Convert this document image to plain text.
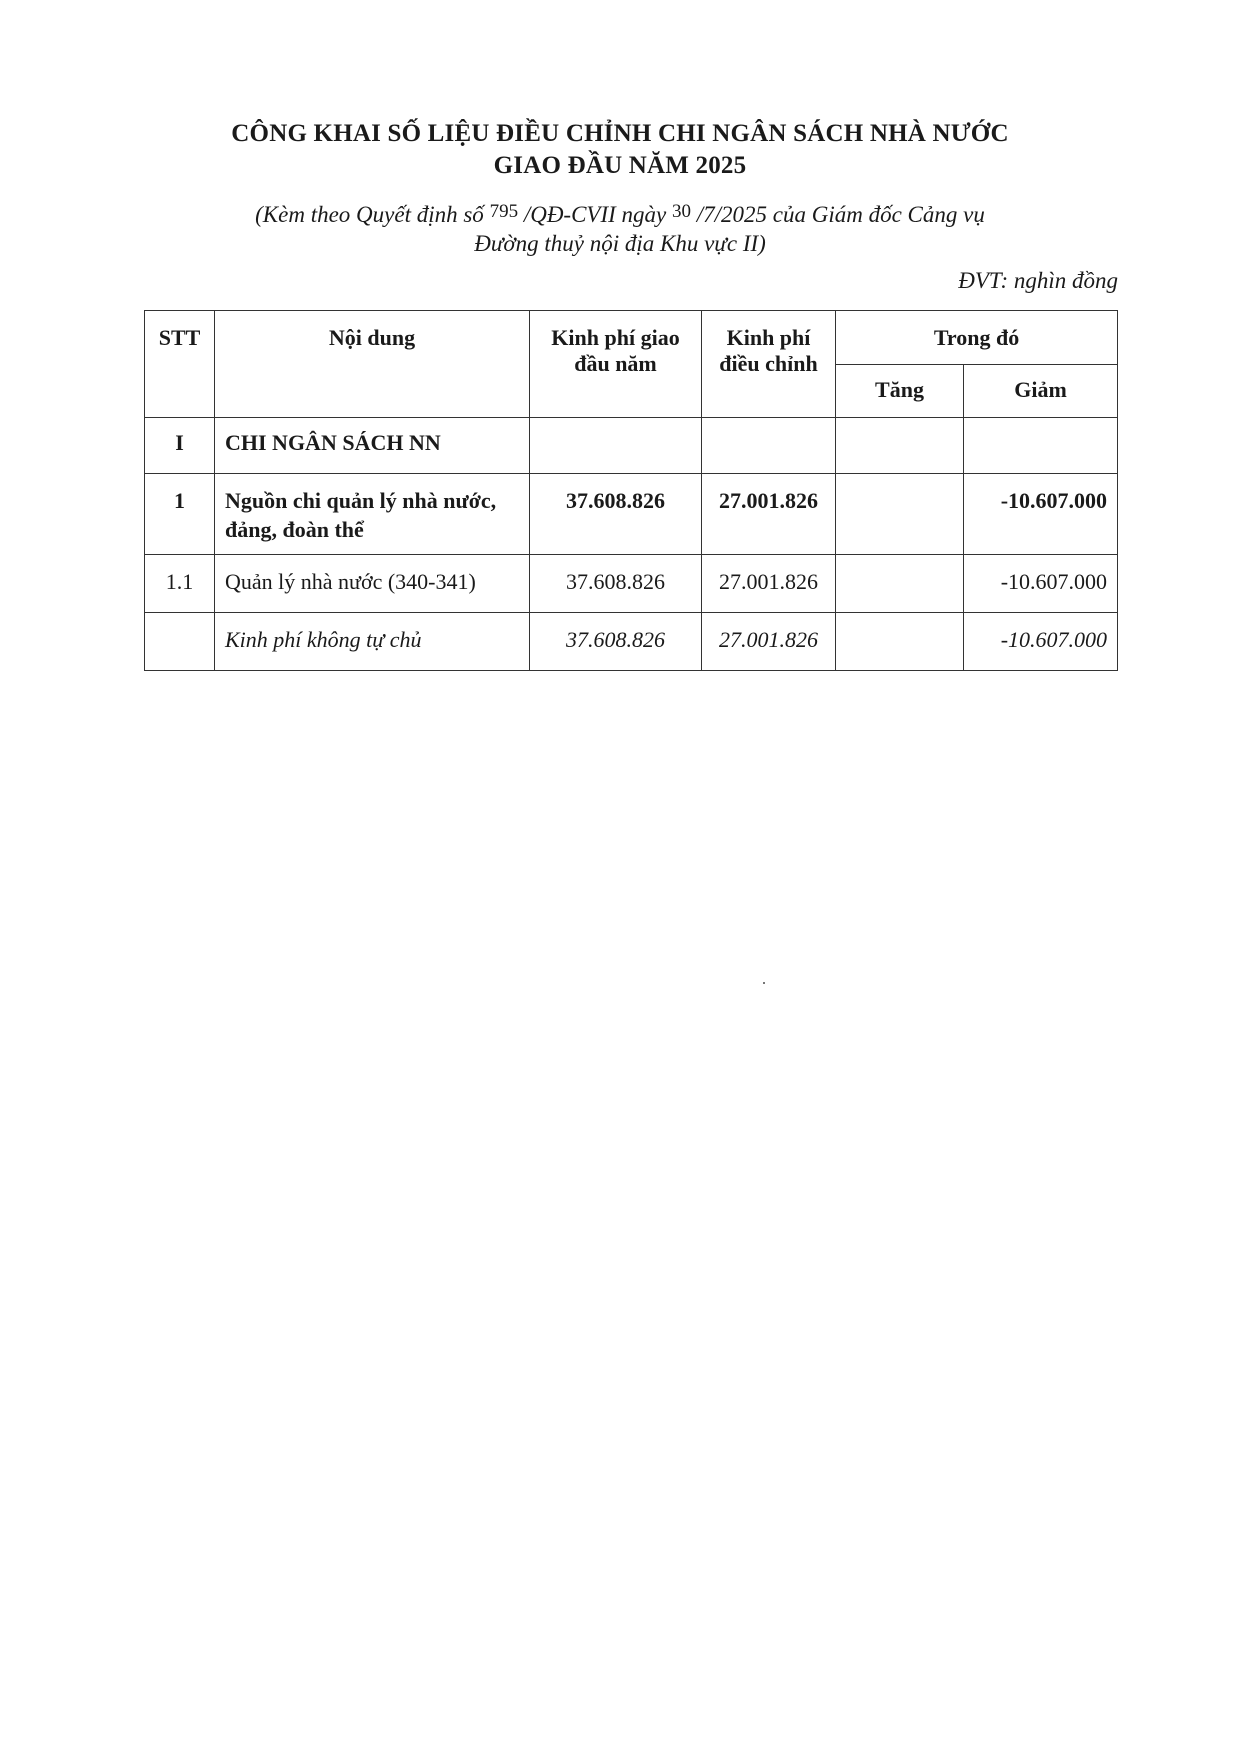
CÔNG KHAI SỐ LIỆU ĐIỀU CHỈNH CHI NGÂN SÁCH NHÀ NƯỚC
GIAO ĐẦU NĂM 2025
(Kèm theo Quyết định số $^{795}$ /QĐ-CVII ngày $^{30}$ /7/2025 của Giám đốc Cảng vụ
Đường thuỷ nội địa Khu vực II)
ĐVT: nghìn đồng
STT	Nội dung	Kinh phí giao đầu năm	Kinh phí điều chỉnh	Trong đó	
				Tăng	Giảm
I	CHI NGÂN SÁCH NN				
1	Nguồn chi quản lý nhà nước, đảng, đoàn thể	37.608.826	27.001.826		-10.607.000
1.1	Quản lý nhà nước (340-341)	37.608.826	27.001.826		-10.607.000
	Kinh phí không tự chủ	37.608.826	27.001.826		-10.607.000
